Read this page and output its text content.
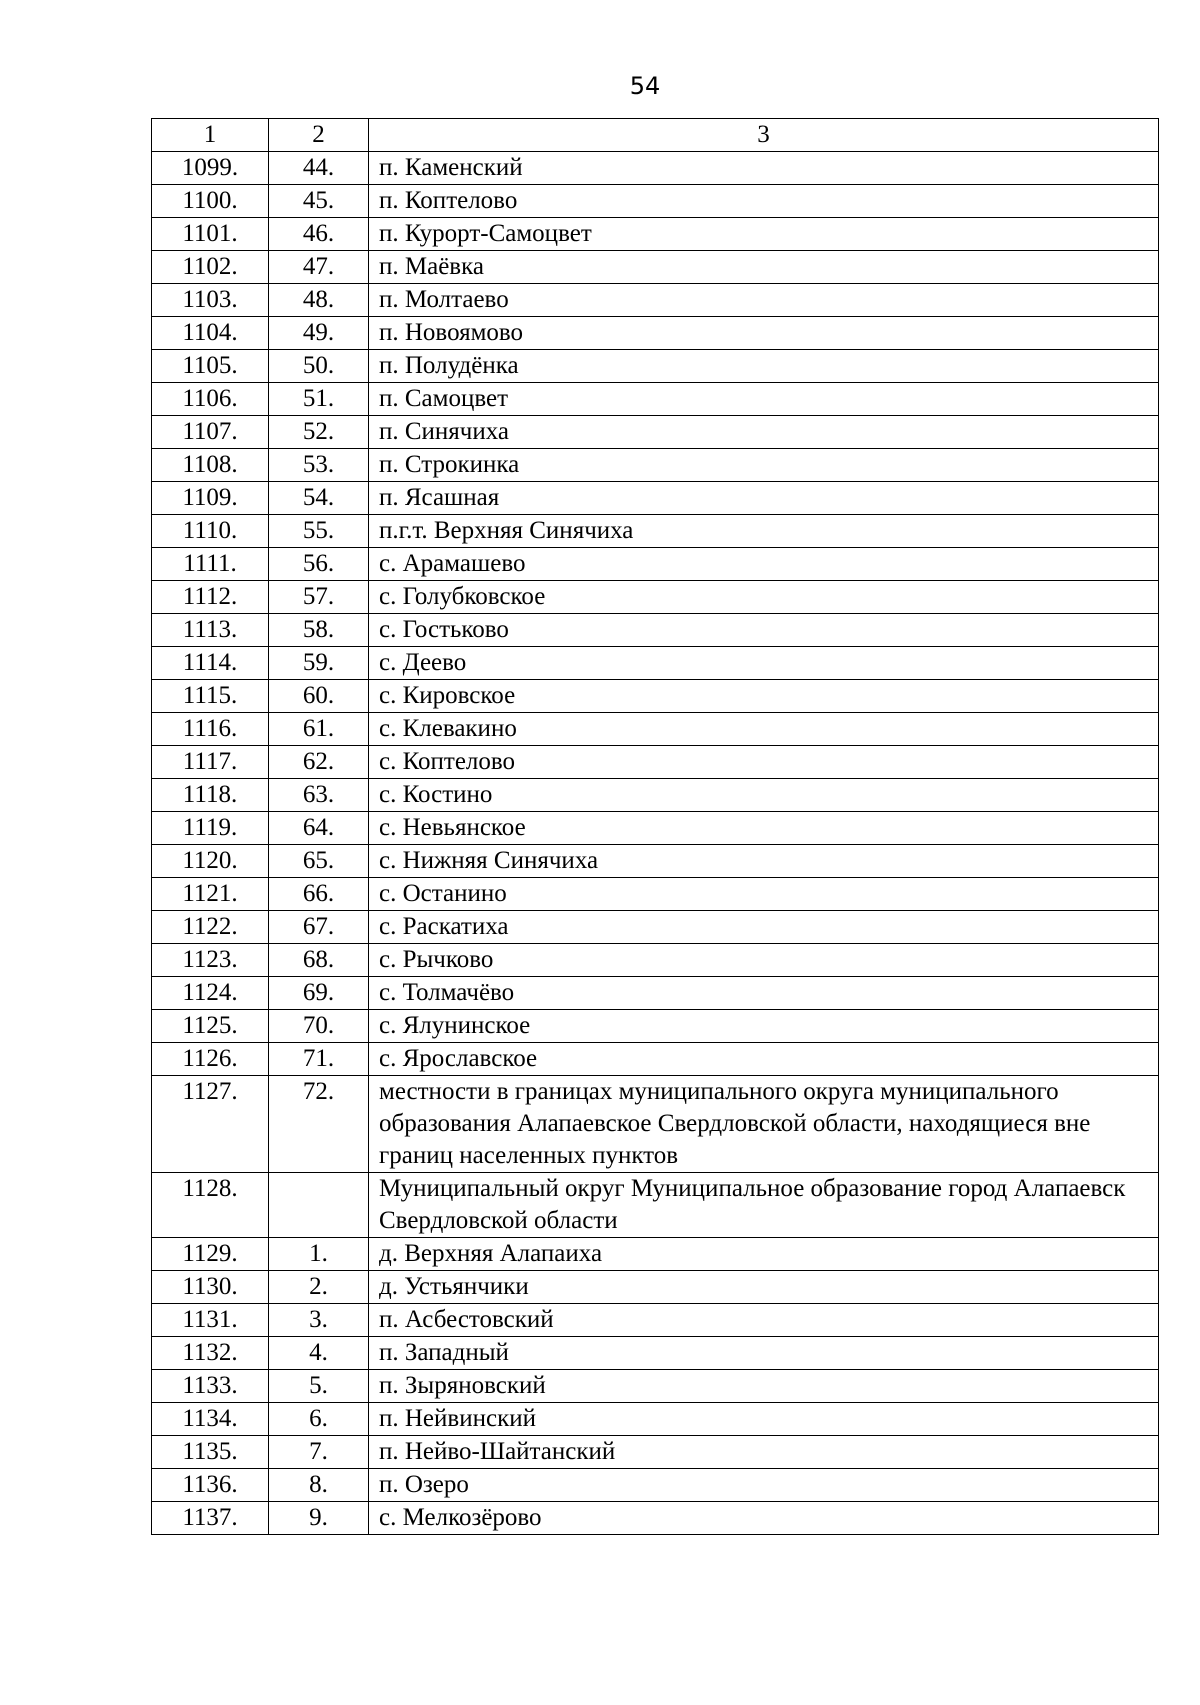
54
1	2	3
1099.	44.	п. Каменский
1100.	45.	п. Коптелово
1101.	46.	п. Курорт-Самоцвет
1102.	47.	п. Маёвка
1103.	48.	п. Молтаево
1104.	49.	п. Новоямово
1105.	50.	п. Полудёнка
1106.	51.	п. Самоцвет
1107.	52.	п. Синячиха
1108.	53.	п. Строкинка
1109.	54.	п. Ясашная
1110.	55.	п.г.т. Верхняя Синячиха
1111.	56.	с. Арамашево
1112.	57.	с. Голубковское
1113.	58.	с. Гостьково
1114.	59.	с. Деево
1115.	60.	с. Кировское
1116.	61.	с. Клевакино
1117.	62.	с. Коптелово
1118.	63.	с. Костино
1119.	64.	с. Невьянское
1120.	65.	с. Нижняя Синячиха
1121.	66.	с. Останино
1122.	67.	с. Раскатиха
1123.	68.	с. Рычково
1124.	69.	с. Толмачёво
1125.	70.	с. Ялунинское
1126.	71.	с. Ярославское
1127.	72.	местности в границах муниципального округа муниципального образования Алапаевское Свердловской области, находящиеся вне границ населенных пунктов
1128.		Муниципальный округ Муниципальное образование город Алапаевск Свердловской области
1129.	1.	д. Верхняя Алапаиха
1130.	2.	д. Устьянчики
1131.	3.	п. Асбестовский
1132.	4.	п. Западный
1133.	5.	п. Зыряновский
1134.	6.	п. Нейвинский
1135.	7.	п. Нейво-Шайтанский
1136.	8.	п. Озеро
1137.	9.	с. Мелкозёрово
